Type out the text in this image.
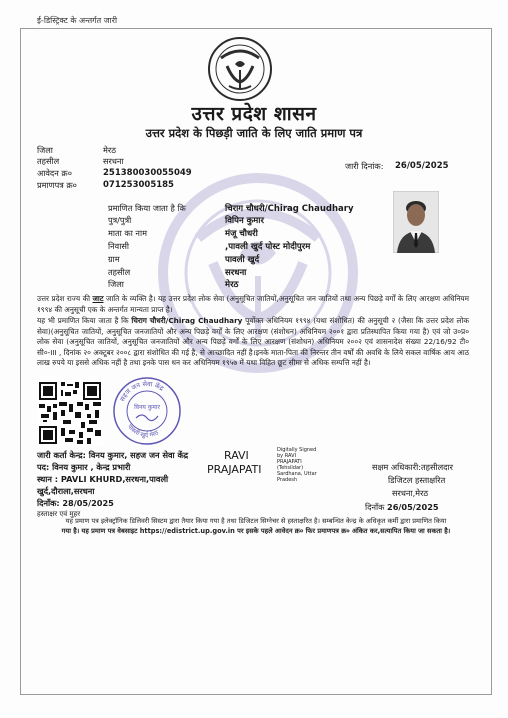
ई-डिस्ट्रिक्ट के अन्तर्गत जारी
उत्तर प्रदेश शासन
उत्तर प्रदेश के पिछड़ी जाति के लिए जाति प्रमाण पत्र
जिला	मेरठ
तहसील	सरधना
आवेदन क्र०	251380030055049
प्रमाणपत्र क्र०	071253005185
जारी दिनांक: 26/05/2025
प्रमाणित किया जाता है कि	चिराग चौधरी/Chirag Chaudhary
पुत्र/पुत्री	विपिन कुमार
माता का नाम	मंजू चौधरी
निवासी	,पावली खुर्द पोस्ट मोदीपुरम
ग्राम	पावली खुर्द
तहसील	सरधना
जिला	मेरठ
उत्तर प्रदेश राज्य की जाट जाति के व्यक्ति है। यह उत्तर प्रदेश लोक सेवा (अनुसूचित जातियों,अनुसूचित जन जातियों तथा अन्य पिछड़े वर्गों के लिए आरक्षण अधिनियम १९९४ की अनुसूची एक के अन्तर्गत मान्यता प्राप्त है।
यह भी प्रमाणित किया जाता है कि चिराग चौधरी/Chirag Chaudhary पूर्वोक्त अधिनियम १९९४ (यथा संशोधित) की अनुसूची २ (जैसा कि उत्तर प्रदेश लोक सेवा)(अनुसूचित जातियों, अनुसूचित जनजातियों और अन्य पिछड़े वर्गों के लिए आरक्षण (संशोधन) अधिनियम २००१ द्वारा प्रतिस्थापित किया गया है) एवं जो उ०प्र० लोक सेवा (अनुसूचित जातियों, अनुसूचित जनजातियों और अन्य पिछड़े वर्गों के लिए आरक्षण (संशोधन) अधिनियम २००२ एवं शासनादेश संख्या 22/16/92 टी० सी०-III , दिनांक २० अक्टूबर २००८ द्वारा संशोधित की गई है, से आच्छादित नहीं है।इनके माता-पिता की निरन्तर तीन वर्षों की अवधि के लिये सकल वार्षिक आय आठ लाख रुपये या इससे अधिक नहीं है तथा इनके पास धन कर अधिनियम १९५७ में यथा विहित छूट सीमा से अधिक सम्पत्ति नहीं है।
सहज जन सेवा केंद्र
पावली खुर्द मेरठ
विनय कुमार
जारी कर्ता केन्द्र: विनय कुमार, सहज जन सेवा केंद्र
पद: विनय कुमार , केन्द्र प्रभारी
स्थान : PAVLI KHURD,सरधना,पावली
खुर्द,दौराला,सरधना
दिनाँक: 28/05/2025
हस्ताक्षर एवं मुहर
RAVI
PRAJAPATI
Digitally Signed by RAVI PRAJAPATI (Tehsildar) Sardhana, Uttar Pradesh
सक्षम अधिकारी:तहसीलदार
डिजिटल हस्ताक्षरित
सरधना,मेरठ
दिनाँक 26/05/2025
यह प्रमाण पत्र इलेक्ट्रॉनिक डिलिवरी सिस्टम द्वारा तैयार किया गया है तथा डिजिटल सिग्नेचर से हस्ताक्षरित है। सम्बन्धित केन्द्र के अधिकृत कर्मी द्वारा प्रमाणित किया
गया है। यह प्रमाण पत्र वेबसाइट https://edistrict.up.gov.in पर इसके पहले आवेदन क्र० फिर प्रमाणपत्र क्र० अंकित कर,सत्यापित किया जा सकता है।
